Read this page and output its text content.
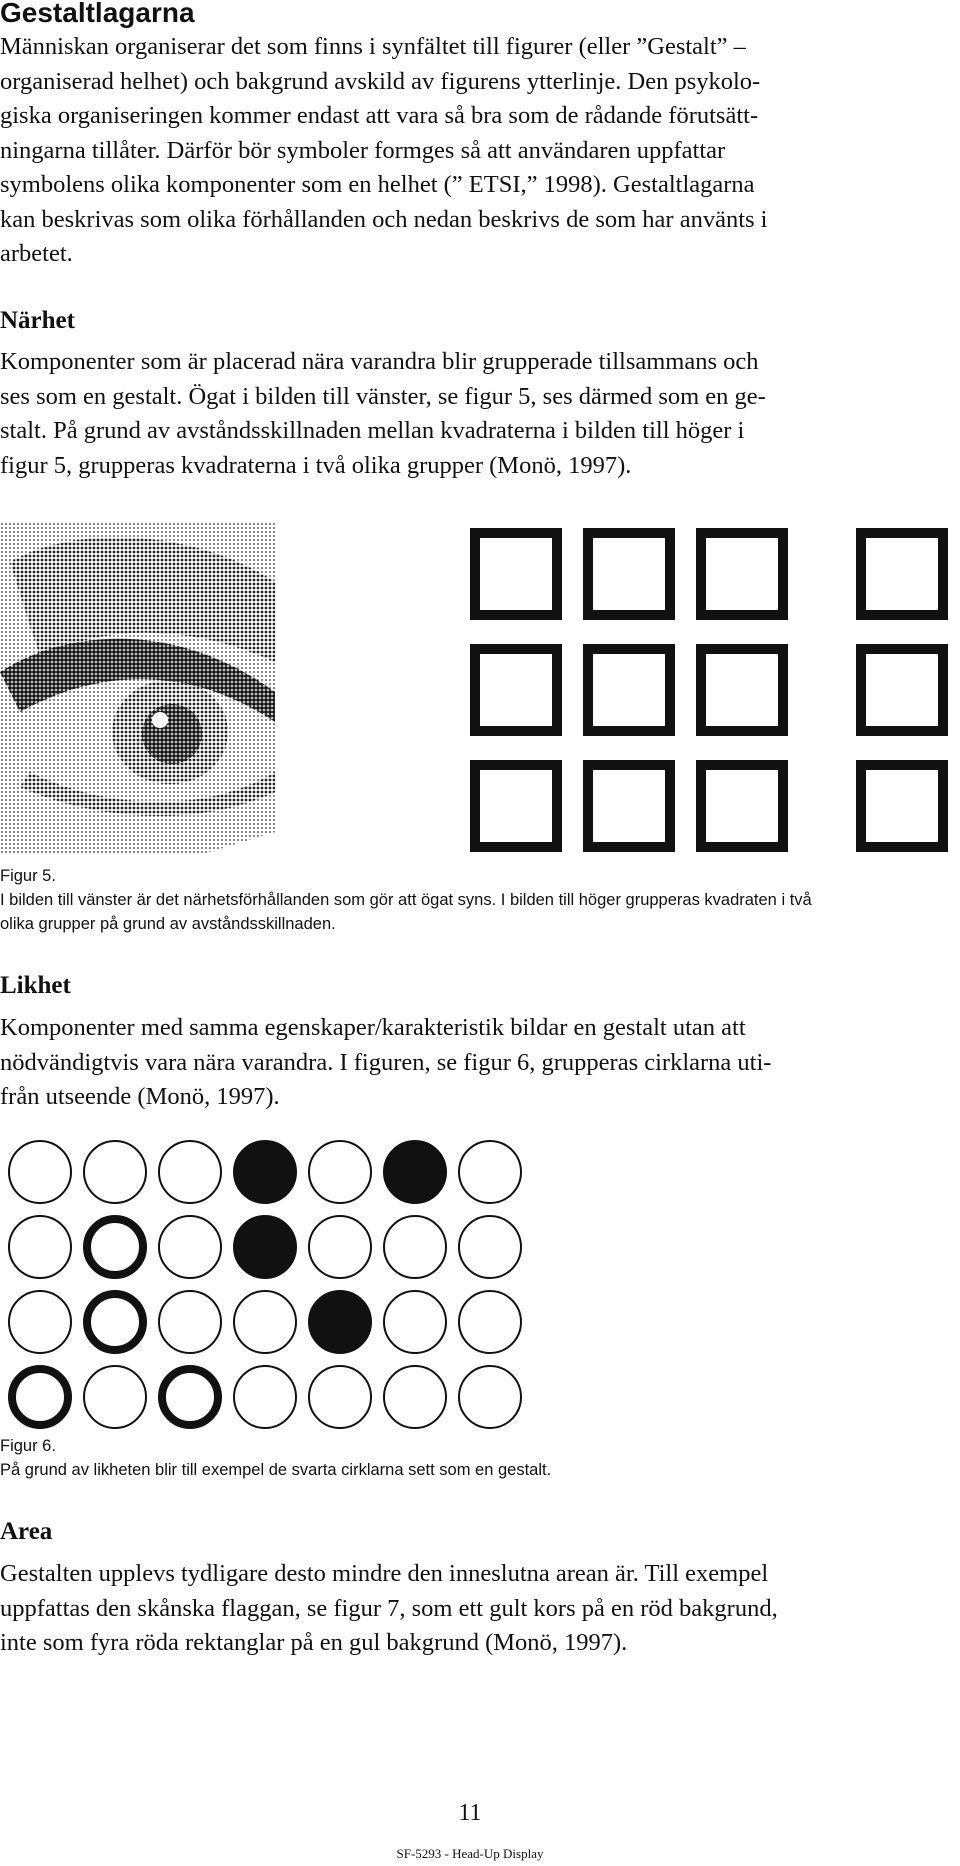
Gestaltlagarna
Människan organiserar det som finns i synfältet till figurer (eller ”Gestalt” –
organiserad helhet) och bakgrund avskild av figurens ytterlinje. Den psykolo-
giska organiseringen kommer endast att vara så bra som de rådande förutsätt-
ningarna tillåter. Därför bör symboler formges så att användaren uppfattar
symbolens olika komponenter som en helhet (” ETSI,” 1998). Gestaltlagarna
kan beskrivas som olika förhållanden och nedan beskrivs de som har använts i
arbetet.
Närhet
Komponenter som är placerad nära varandra blir grupperade tillsammans och
ses som en gestalt. Ögat i bilden till vänster, se figur 5, ses därmed som en ge-
stalt. På grund av avståndsskillnaden mellan kvadraterna i bilden till höger i
figur 5, grupperas kvadraterna i två olika grupper (Monö, 1997).
Figur 5.
I bilden till vänster är det närhetsförhållanden som gör att ögat syns. I bilden till höger grupperas kvadraten i två
olika grupper på grund av avståndsskillnaden.
Likhet
Komponenter med samma egenskaper/karakteristik bildar en gestalt utan att
nödvändigtvis vara nära varandra. I figuren, se figur 6, grupperas cirklarna uti-
från utseende (Monö, 1997).
Figur 6.
På grund av likheten blir till exempel de svarta cirklarna sett som en gestalt.
Area
Gestalten upplevs tydligare desto mindre den inneslutna arean är. Till exempel
uppfattas den skånska flaggan, se figur 7, som ett gult kors på en röd bakgrund,
inte som fyra röda rektanglar på en gul bakgrund (Monö, 1997).
11
SF-5293 - Head-Up Display
